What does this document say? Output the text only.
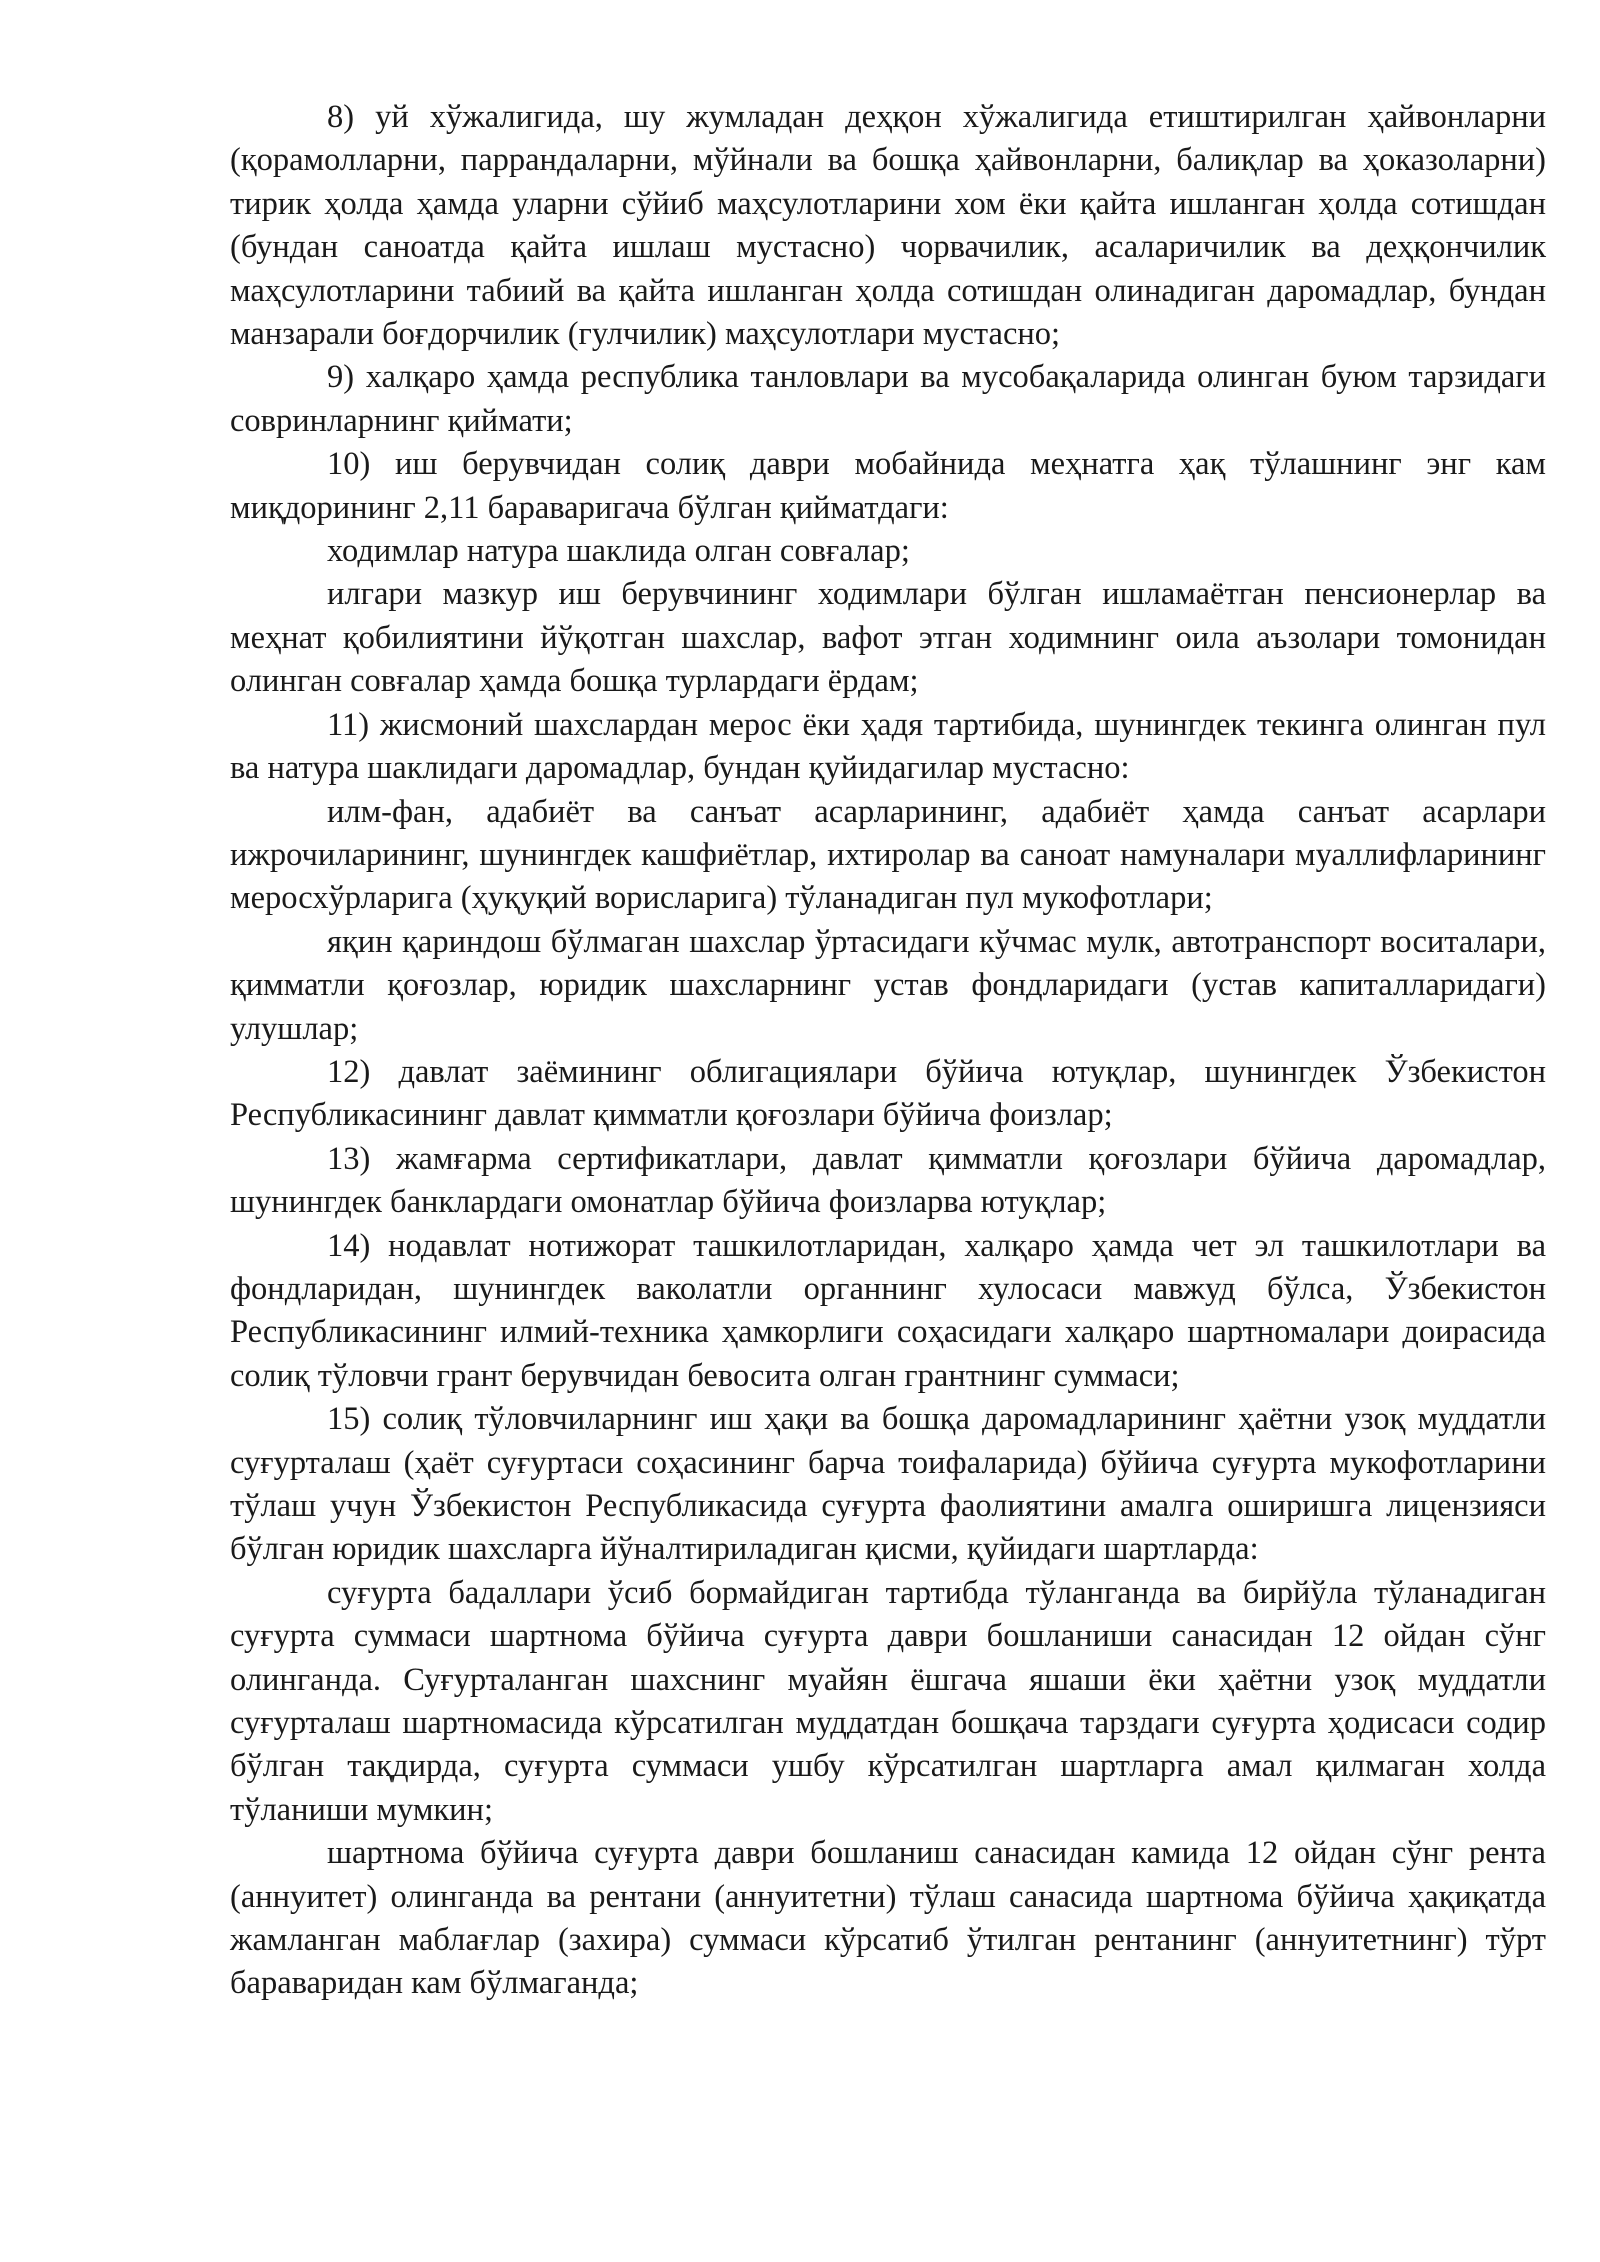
8) уй хўжалигида, шу жумладан деҳқон хўжалигида етиштирилган ҳайвонларни (қорамолларни, паррандаларни, мўйнали ва бошқа ҳайвонларни, балиқлар ва ҳоказоларни) тирик ҳолда ҳамда уларни сўйиб маҳсулотларини хом ёки қайта ишланган ҳолда сотишдан (бундан саноатда қайта ишлаш мустасно) чорвачилик, асаларичилик ва деҳқончилик маҳсулотларини табиий ва қайта ишланган ҳолда сотишдан олинадиган даромадлар, бундан манзарали боғдорчилик (гулчилик) маҳсулотлари мустасно;

9) халқаро ҳамда республика танловлари ва мусобақаларида олинган буюм тарзидаги совринларнинг қиймати;

10) иш берувчидан солиқ даври мобайнида меҳнатга ҳақ тўлашнинг энг кам миқдорининг 2,11 бараваригача бўлган қийматдаги:

ходимлар натура шаклида олган совғалар;

илгари мазкур иш берувчининг ходимлари бўлган ишламаётган пенсионерлар ва меҳнат қобилиятини йўқотган шахслар, вафот этган ходимнинг оила аъзолари томонидан олинган совғалар ҳамда бошқа турлардаги ёрдам;

11) жисмоний шахслардан мерос ёки ҳадя тартибида, шунингдек текинга олинган пул ва натура шаклидаги даромадлар, бундан қуйидагилар мустасно:

илм-фан, адабиёт ва санъат асарларининг, адабиёт ҳамда санъат асарлари ижрочиларининг, шунингдек кашфиётлар, ихтиролар ва саноат намуналари муаллифларининг меросхўрларига (ҳуқуқий ворисларига) тўланадиган пул мукофотлари;

яқин қариндош бўлмаган шахслар ўртасидаги кўчмас мулк, автотранспорт воситалари, қимматли қоғозлар, юридик шахсларнинг устав фондларидаги (устав капиталларидаги) улушлар;

12) давлат заёмининг облигациялари бўйича ютуқлар, шунингдек Ўзбекистон Республикасининг давлат қимматли қоғозлари бўйича фоизлар;

13) жамғарма сертификатлари, давлат қимматли қоғозлари бўйича даромадлар, шунингдек банклардаги омонатлар бўйича фоизларва ютуқлар;

14) нодавлат нотижорат ташкилотларидан, халқаро ҳамда чет эл ташкилотлари ва фондларидан, шунингдек ваколатли органнинг хулосаси мавжуд бўлса, Ўзбекистон Республикасининг илмий-техника ҳамкорлиги соҳасидаги халқаро шартномалари доирасида солиқ тўловчи грант берувчидан бевосита олган грантнинг суммаси;

15) солиқ тўловчиларнинг иш ҳақи ва бошқа даромадларининг ҳаётни узоқ муддатли суғурталаш (ҳаёт суғуртаси соҳасининг барча тоифаларида) бўйича суғурта мукофотларини тўлаш учун Ўзбекистон Республикасида суғурта фаолиятини амалга оширишга лицензияси бўлган юридик шахсларга йўналтириладиган қисми, қуйидаги шартларда:

суғурта бадаллари ўсиб бормайдиган тартибда тўланганда ва бирйўла тўланадиган суғурта суммаси шартнома бўйича суғурта даври бошланиши санасидан 12 ойдан сўнг олинганда. Суғурталанган шахснинг муайян ёшгача яшаши ёки ҳаётни узоқ муддатли суғурталаш шартномасида кўрсатилган муддатдан бошқача тарздаги суғурта ҳодисаси содир бўлган тақдирда, суғурта суммаси ушбу кўрсатилган шартларга амал қилмаган холда тўланиши мумкин;

шартнома бўйича суғурта даври бошланиш санасидан камида 12 ойдан сўнг рента (аннуитет) олинганда ва рентани (аннуитетни) тўлаш санасида шартнома бўйича ҳақиқатда жамланган маблағлар (захира) суммаси кўрсатиб ўтилган рентанинг (аннуитетнинг) тўрт бараваридан кам бўлмаганда;
